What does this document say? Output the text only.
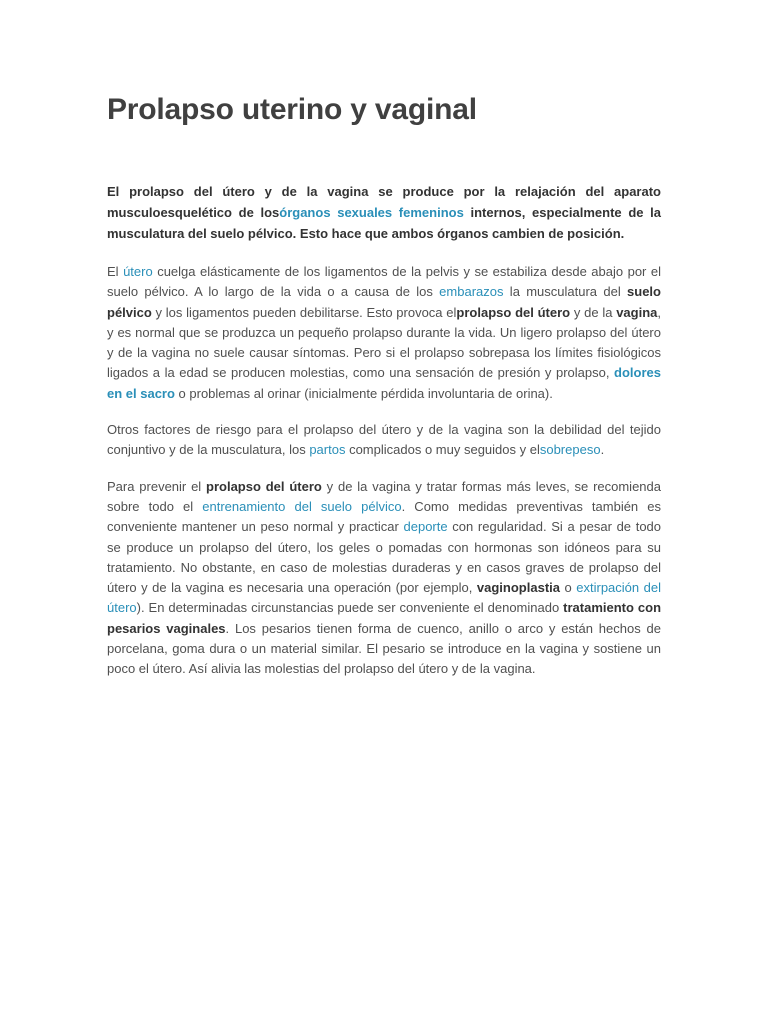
Prolapso uterino y vaginal

El prolapso del útero y de la vagina se produce por la relajación del aparato musculoesquelético de losórganos sexuales femeninos internos, especialmente de la musculatura del suelo pélvico. Esto hace que ambos órganos cambien de posición.

El útero cuelga elásticamente de los ligamentos de la pelvis y se estabiliza desde abajo por el suelo pélvico. A lo largo de la vida o a causa de los embarazos la musculatura del suelo pélvico y los ligamentos pueden debilitarse. Esto provoca elprolapso del útero y de la vagina, y es normal que se produzca un pequeño prolapso durante la vida. Un ligero prolapso del útero y de la vagina no suele causar síntomas. Pero si el prolapso sobrepasa los límites fisiológicos ligados a la edad se producen molestias, como una sensación de presión y prolapso, dolores en el sacro o problemas al orinar (inicialmente pérdida involuntaria de orina).

Otros factores de riesgo para el prolapso del útero y de la vagina son la debilidad del tejido conjuntivo y de la musculatura, los partos complicados o muy seguidos y elsobrepeso.

Para prevenir el prolapso del útero y de la vagina y tratar formas más leves, se recomienda sobre todo el entrenamiento del suelo pélvico. Como medidas preventivas también es conveniente mantener un peso normal y practicar deporte con regularidad. Si a pesar de todo se produce un prolapso del útero, los geles o pomadas con hormonas son idóneos para su tratamiento. No obstante, en caso de molestias duraderas y en casos graves de prolapso del útero y de la vagina es necesaria una operación (por ejemplo, vaginoplastia o extirpación del útero). En determinadas circunstancias puede ser conveniente el denominado tratamiento con pesarios vaginales. Los pesarios tienen forma de cuenco, anillo o arco y están hechos de porcelana, goma dura o un material similar. El pesario se introduce en la vagina y sostiene un poco el útero. Así alivia las molestias del prolapso del útero y de la vagina.
